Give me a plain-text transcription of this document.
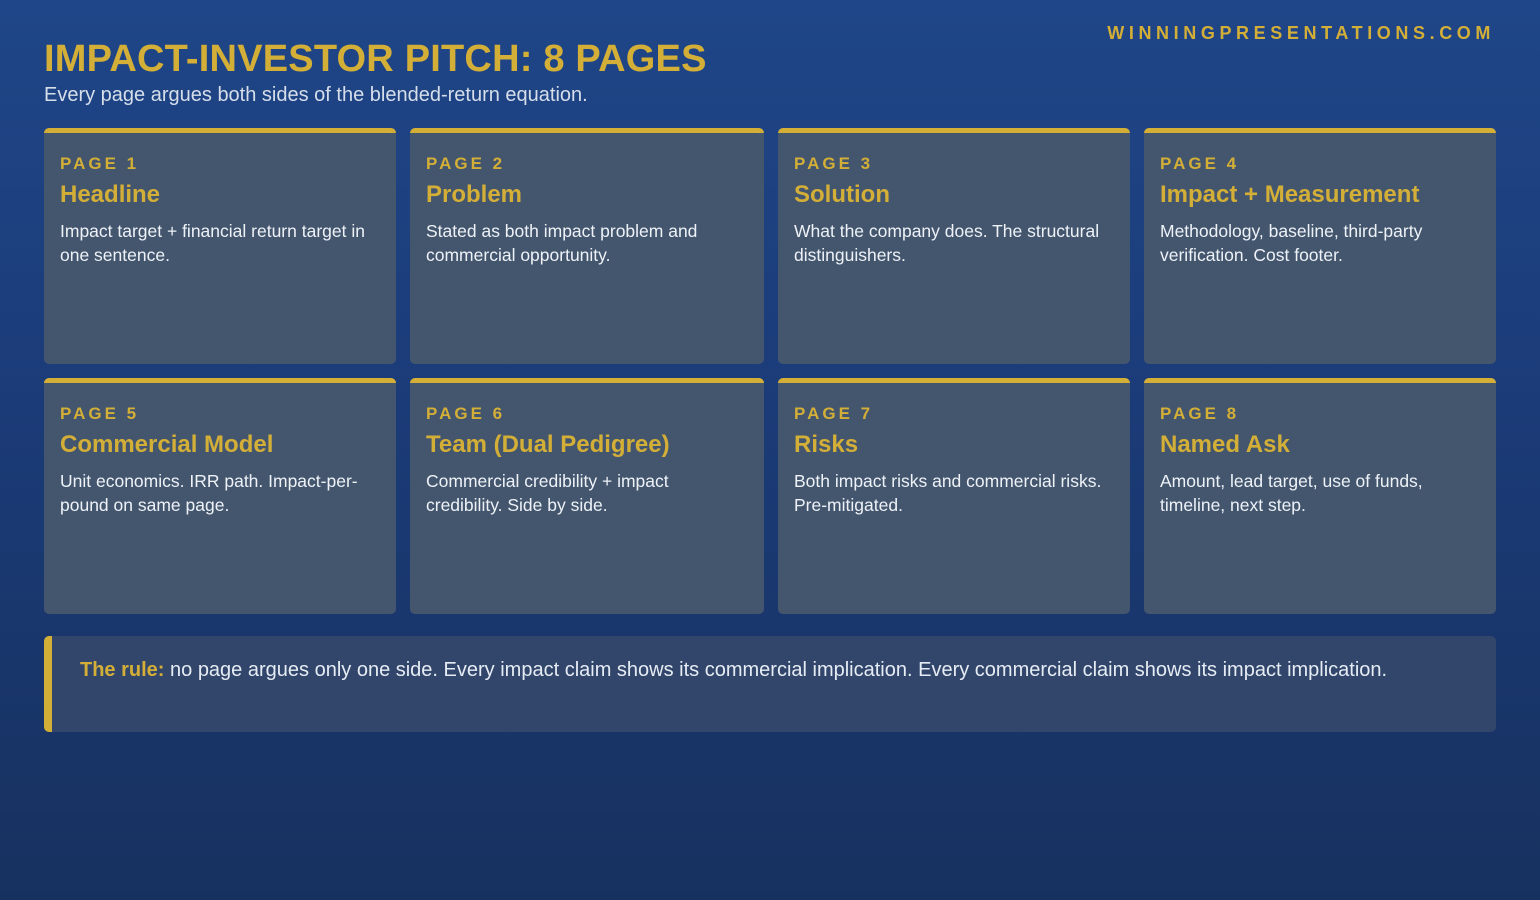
WINNINGPRESENTATIONS.COM
IMPACT-INVESTOR PITCH: 8 PAGES

Every page argues both sides of the blended-return equation.

PAGE 1
Headline
Impact target + financial return target in one sentence.
PAGE 2
Problem
Stated as both impact problem and commercial opportunity.
PAGE 3
Solution
What the company does. The structural distinguishers.
PAGE 4
Impact + Measurement
Methodology, baseline, third-party verification. Cost footer.
PAGE 5
Commercial Model
Unit economics. IRR path. Impact-per-pound on same page.
PAGE 6
Team (Dual Pedigree)
Commercial credibility + impact credibility. Side by side.
PAGE 7
Risks
Both impact risks and commercial risks. Pre-mitigated.
PAGE 8
Named Ask
Amount, lead target, use of funds, timeline, next step.
The rule: no page argues only one side. Every impact claim shows its commercial implication. Every commercial claim shows its impact implication.
